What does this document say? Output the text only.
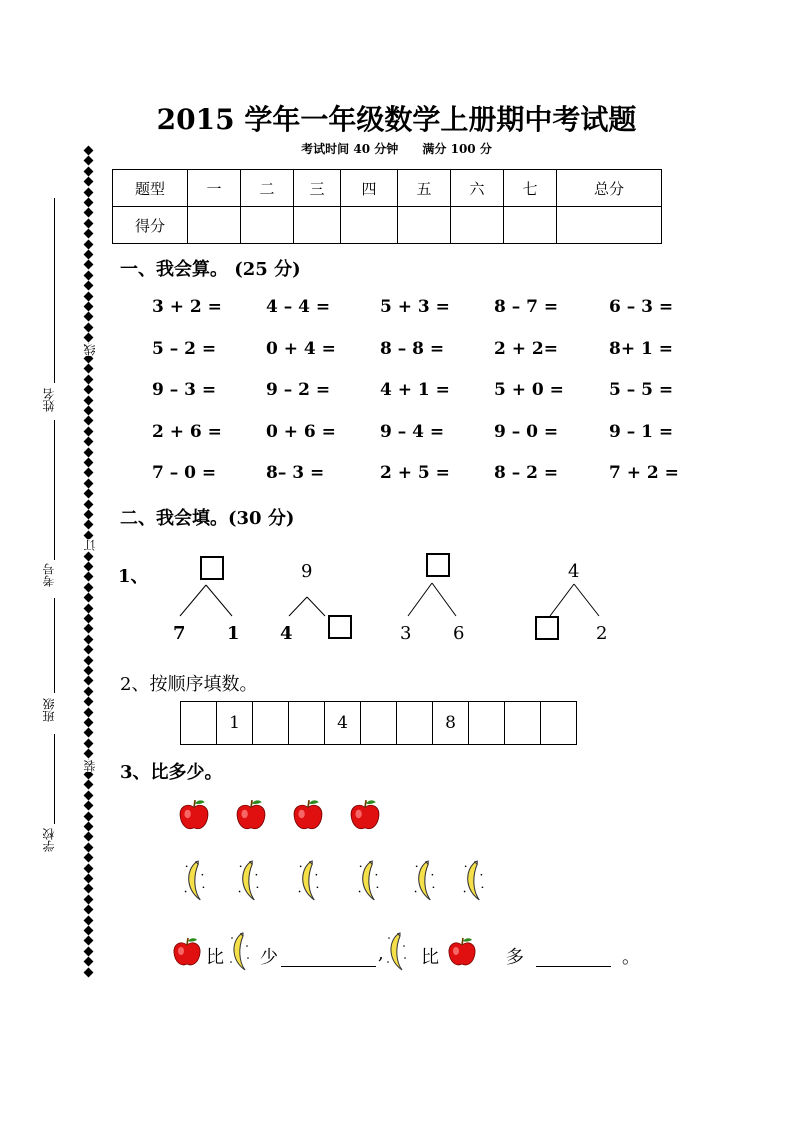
姓名
考号
班级
学校
线
订
装
2015 学年一年级数学上册期中考试题
考试时间 40 分钟 满分 100 分
题型	一	二	三	四	五	六	七	总分
得分								
一、我会算。 (25 分)
3 + 2 =	4 – 4 =	5 + 3 =	8 – 7 =	6 – 3 =
5 – 2 =	0 + 4 =	8 – 8 =	2 + 2=	8+ 1 =
9 – 3 =	9 – 2 =	4 + 1 =	5 + 0 =	5 – 5 =
2 + 6 =	0 + 6 =	9 – 4 =	9 – 0 =	9 – 1 =
7 – 0 =	8– 3 =	2 + 5 =	8 – 2 =	7 + 2 =
二、我会填。(30 分)
1、
7 1
9
4	3 6
4
2
2、按顺序填数。
	1			4			8			
3、比多少。
比 少	, 比	多	。
